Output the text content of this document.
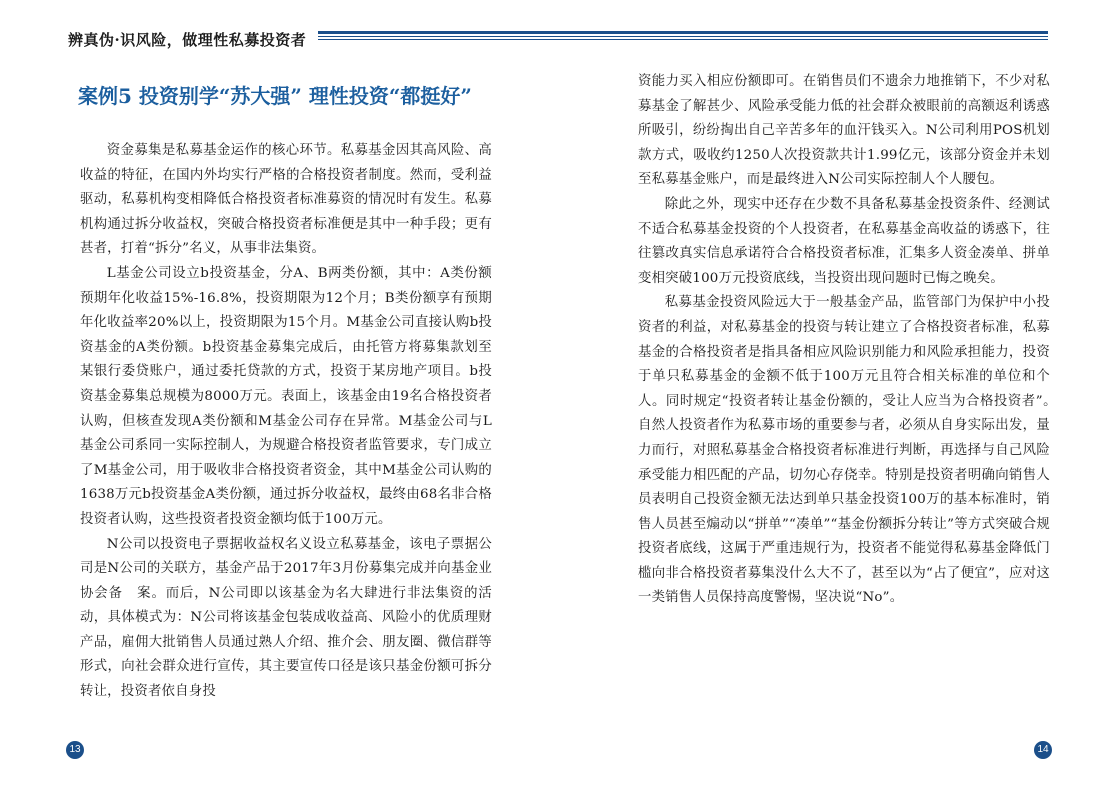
辨真伪·识风险，做理性私募投资者
案例5 投资别学“苏大强” 理性投资“都挺好”

资金募集是私募基金运作的核心环节。私募基金因其高风险、高收益的特征，在国内外均实行严格的合格投资者制度。然而，受利益驱动，私募机构变相降低合格投资者标准募资的情况时有发生。私募机构通过拆分收益权，突破合格投资者标准便是其中一种手段；更有甚者，打着“拆分”名义，从事非法集资。

L基金公司设立b投资基金，分A、B两类份额，其中：A类份额预期年化收益15%-16.8%，投资期限为12个月；B类份额享有预期年化收益率20%以上，投资期限为15个月。M基金公司直接认购b投资基金的A类份额。b投资基金募集完成后，由托管方将募集款划至某银行委贷账户，通过委托贷款的方式，投资于某房地产项目。b投资基金募集总规模为8000万元。表面上，该基金由19名合格投资者认购，但核查发现A类份额和M基金公司存在异常。M基金公司与L基金公司系同一实际控制人，为规避合格投资者监管要求，专门成立了M基金公司，用于吸收非合格投资者资金，其中M基金公司认购的1638万元b投资基金A类份额，通过拆分收益权，最终由68名非合格投资者认购，这些投资者投资金额均低于100万元。

N公司以投资电子票据收益权名义设立私募基金，该电子票据公司是N公司的关联方，基金产品于2017年3月份募集完成并向基金业协会备　案。而后，N公司即以该基金为名大肆进行非法集资的活动，具体模式为：N公司将该基金包装成收益高、风险小的优质理财产品，雇佣大批销售人员通过熟人介绍、推介会、朋友圈、微信群等形式，向社会群众进行宣传，其主要宣传口径是该只基金份额可拆分转让，投资者依自身投

资能力买入相应份额即可。在销售员们不遗余力地推销下，不少对私募基金了解甚少、风险承受能力低的社会群众被眼前的高额返利诱惑所吸引，纷纷掏出自己辛苦多年的血汗钱买入。N公司利用POS机划款方式，吸收约1250人次投资款共计1.99亿元，该部分资金并未划至私募基金账户，而是最终进入N公司实际控制人个人腰包。

除此之外，现实中还存在少数不具备私募基金投资条件、经测试不适合私募基金投资的个人投资者，在私募基金高收益的诱惑下，往往篡改真实信息承诺符合合格投资者标准，汇集多人资金凑单、拼单变相突破100万元投资底线，当投资出现问题时已悔之晚矣。

私募基金投资风险远大于一般基金产品，监管部门为保护中小投资者的利益，对私募基金的投资与转让建立了合格投资者标准，私募基金的合格投资者是指具备相应风险识别能力和风险承担能力，投资于单只私募基金的金额不低于100万元且符合相关标准的单位和个人。同时规定“投资者转让基金份额的，受让人应当为合格投资者”。　自然人投资者作为私募市场的重要参与者，必须从自身实际出发，量力而行，对照私募基金合格投资者标准进行判断，再选择与自己风险承受能力相匹配的产品，切勿心存侥幸。特别是投资者明确向销售人员表明自己投资金额无法达到单只基金投资100万的基本标准时，销售人员甚至煽动以“拼单”“凑单”“基金份额拆分转让”等方式突破合规投资者底线，这属于严重违规行为，投资者不能觉得私募基金降低门槛向非合格投资者募集没什么大不了，甚至以为“占了便宜”，应对这一类销售人员保持高度警惕，坚决说“No”。

13	14
